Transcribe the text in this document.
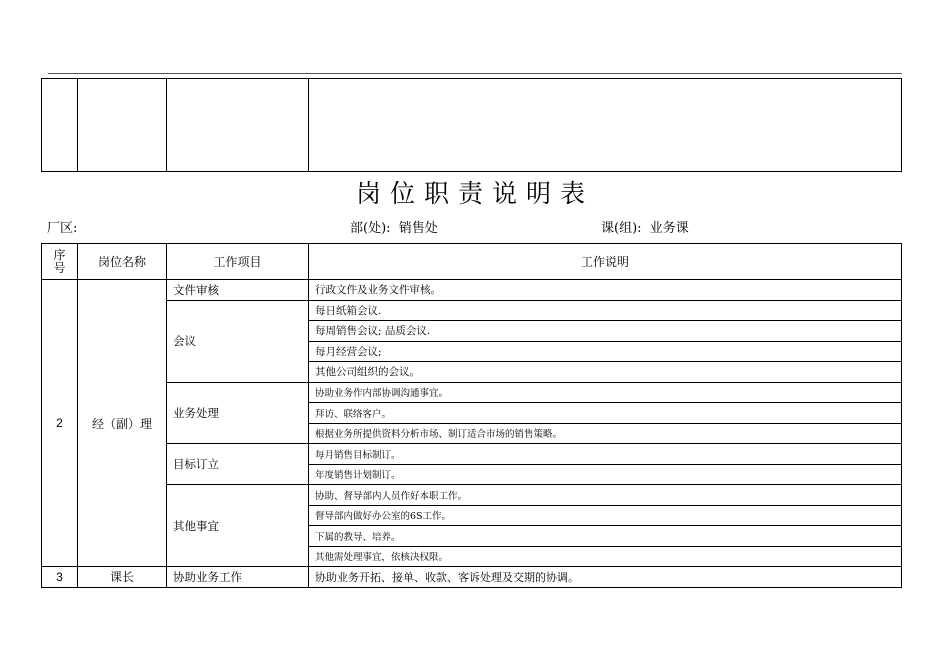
岗位职责说明表
厂区:	部(处): 销售处	课(组): 业务课
序
号	岗位名称	工作项目	工作说明
2	经（副）理	文件审核	行政文件及业务文件审核。
		会议	每日纸箱会议.
			每周销售会议; 品质会议.
			每月经营会议;
			其他公司组织的会议。
		业务处理	协助业务作内部协调沟通事宜。
			拜访、联络客户。
			根据业务所提供资料分析市场、制订适合市场的销售策略。
		目标订立	每月销售目标制订。
			年度销售计划制订。
		其他事宜	协助、督导部内人员作好本职工作。
			督导部内做好办公室的6S工作。
			下属的教导、培养。
			其他需处理事宜，依核决权限。
3	课长	协助业务工作	协助业务开拓、接单、收款、客诉处理及交期的协调。
